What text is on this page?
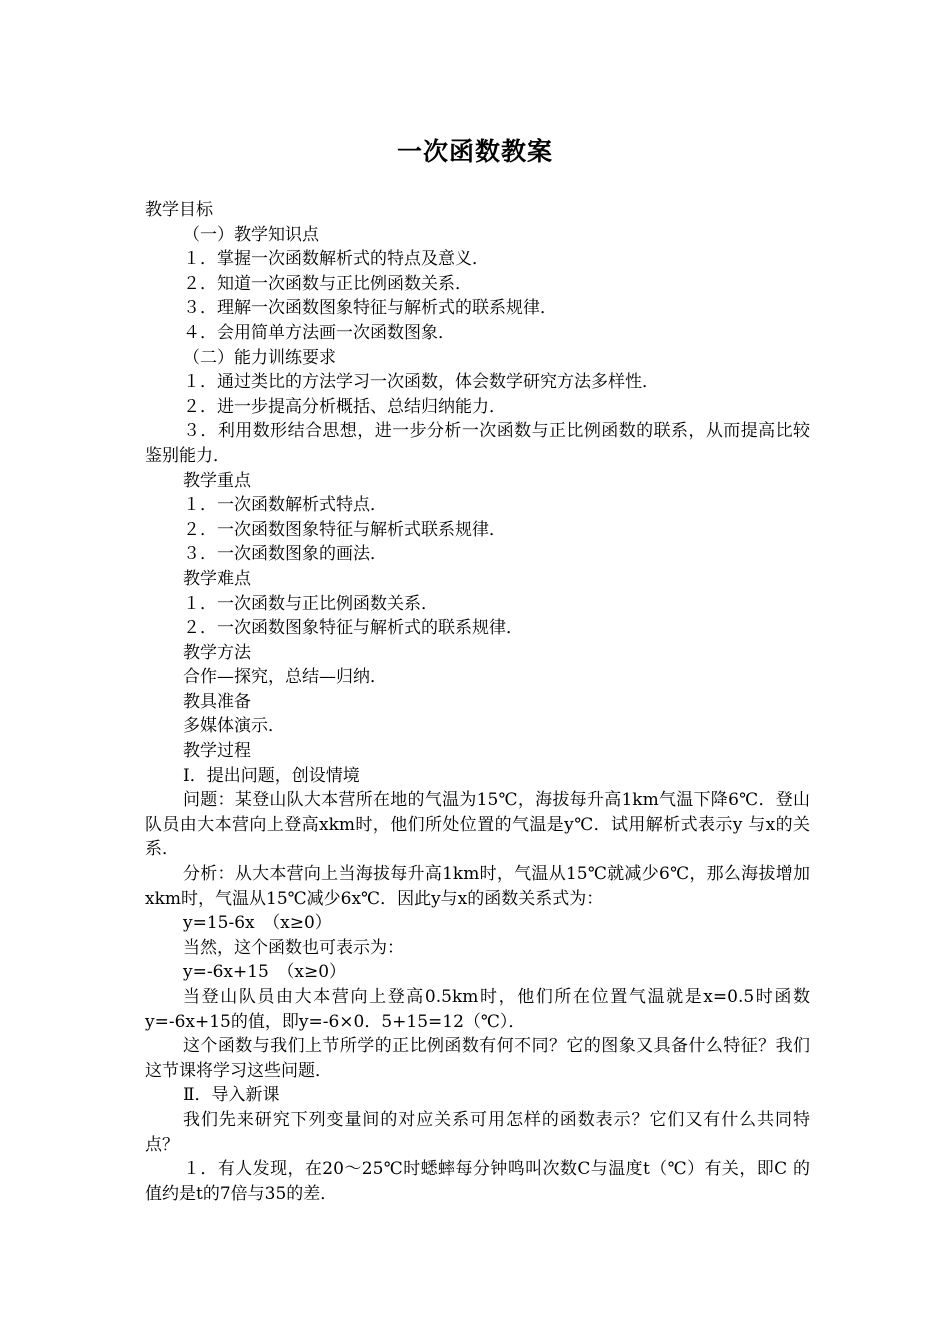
一次函数教案

教学目标

（一）教学知识点

１．掌握一次函数解析式的特点及意义．

２．知道一次函数与正比例函数关系．

３．理解一次函数图象特征与解析式的联系规律．

４．会用简单方法画一次函数图象．

（二）能力训练要求

１．通过类比的方法学习一次函数，体会数学研究方法多样性．

２．进一步提高分析概括、总结归纳能力．

３．利用数形结合思想，进一步分析一次函数与正比例函数的联系，从而提高比较鉴别能力．

教学重点

１．一次函数解析式特点．

２．一次函数图象特征与解析式联系规律．

３．一次函数图象的画法．

教学难点

１．一次函数与正比例函数关系．

２．一次函数图象特征与解析式的联系规律．

教学方法

合作—探究，总结—归纳．

教具准备

多媒体演示．

教学过程

Ⅰ．提出问题，创设情境

问题：某登山队大本营所在地的气温为15℃，海拔每升高1km气温下降6℃．登山队员由大本营向上登高xkm时，他们所处位置的气温是y℃．试用解析式表示y 与x的关系．

分析：从大本营向上当海拔每升高1km时，气温从15℃就减少6℃，那么海拔增加xkm时，气温从15℃减少6x℃．因此y与x的函数关系式为：

y=15-6x　（x≥0）

当然，这个函数也可表示为：

y=-6x+15　（x≥0）

当登山队员由大本营向上登高0.5km时，他们所在位置气温就是x=0.5时函数y=-6x+15的值，即y=-6×0．5+15=12（℃）．

这个函数与我们上节所学的正比例函数有何不同？它的图象又具备什么特征？我们这节课将学习这些问题．

Ⅱ．导入新课

我们先来研究下列变量间的对应关系可用怎样的函数表示？它们又有什么共同特点？

１．有人发现，在20～25℃时蟋蟀每分钟鸣叫次数C与温度t（℃）有关，即C 的值约是t的7倍与35的差．
